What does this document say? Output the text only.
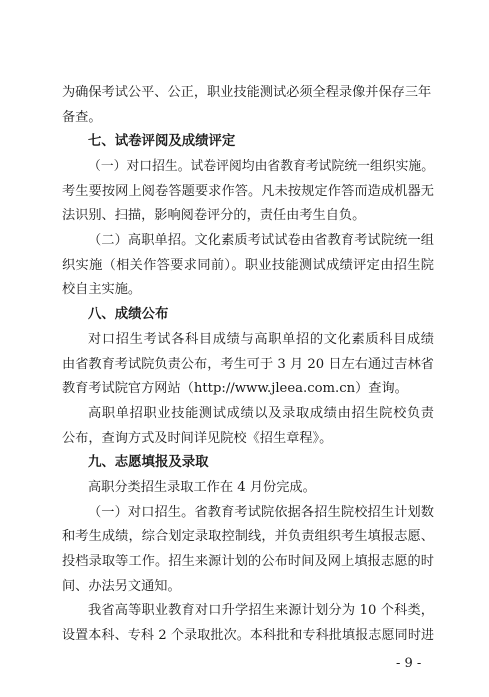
为确保考试公平、公正，职业技能测试必须全程录像并保存三年
备查。
七、试卷评阅及成绩评定
（一）对口招生。试卷评阅均由省教育考试院统一组织实施。
考生要按网上阅卷答题要求作答。凡未按规定作答而造成机器无
法识别、扫描，影响阅卷评分的，责任由考生自负。
（二）高职单招。文化素质考试试卷由省教育考试院统一组
织实施（相关作答要求同前）。职业技能测试成绩评定由招生院
校自主实施。
八、成绩公布
对口招生考试各科目成绩与高职单招的文化素质科目成绩
由省教育考试院负责公布，考生可于 3 月 20 日左右通过吉林省
教育考试院官方网站（http://www.jleea.com.cn）查询。
高职单招职业技能测试成绩以及录取成绩由招生院校负责
公布，查询方式及时间详见院校《招生章程》。
九、志愿填报及录取
高职分类招生录取工作在 4 月份完成。
（一）对口招生。省教育考试院依据各招生院校招生计划数
和考生成绩，综合划定录取控制线，并负责组织考生填报志愿、
投档录取等工作。招生来源计划的公布时间及网上填报志愿的时
间、办法另文通知。
我省高等职业教育对口升学招生来源计划分为 10 个科类，
设置本科、专科 2 个录取批次。本科批和专科批填报志愿同时进
- 9 -
